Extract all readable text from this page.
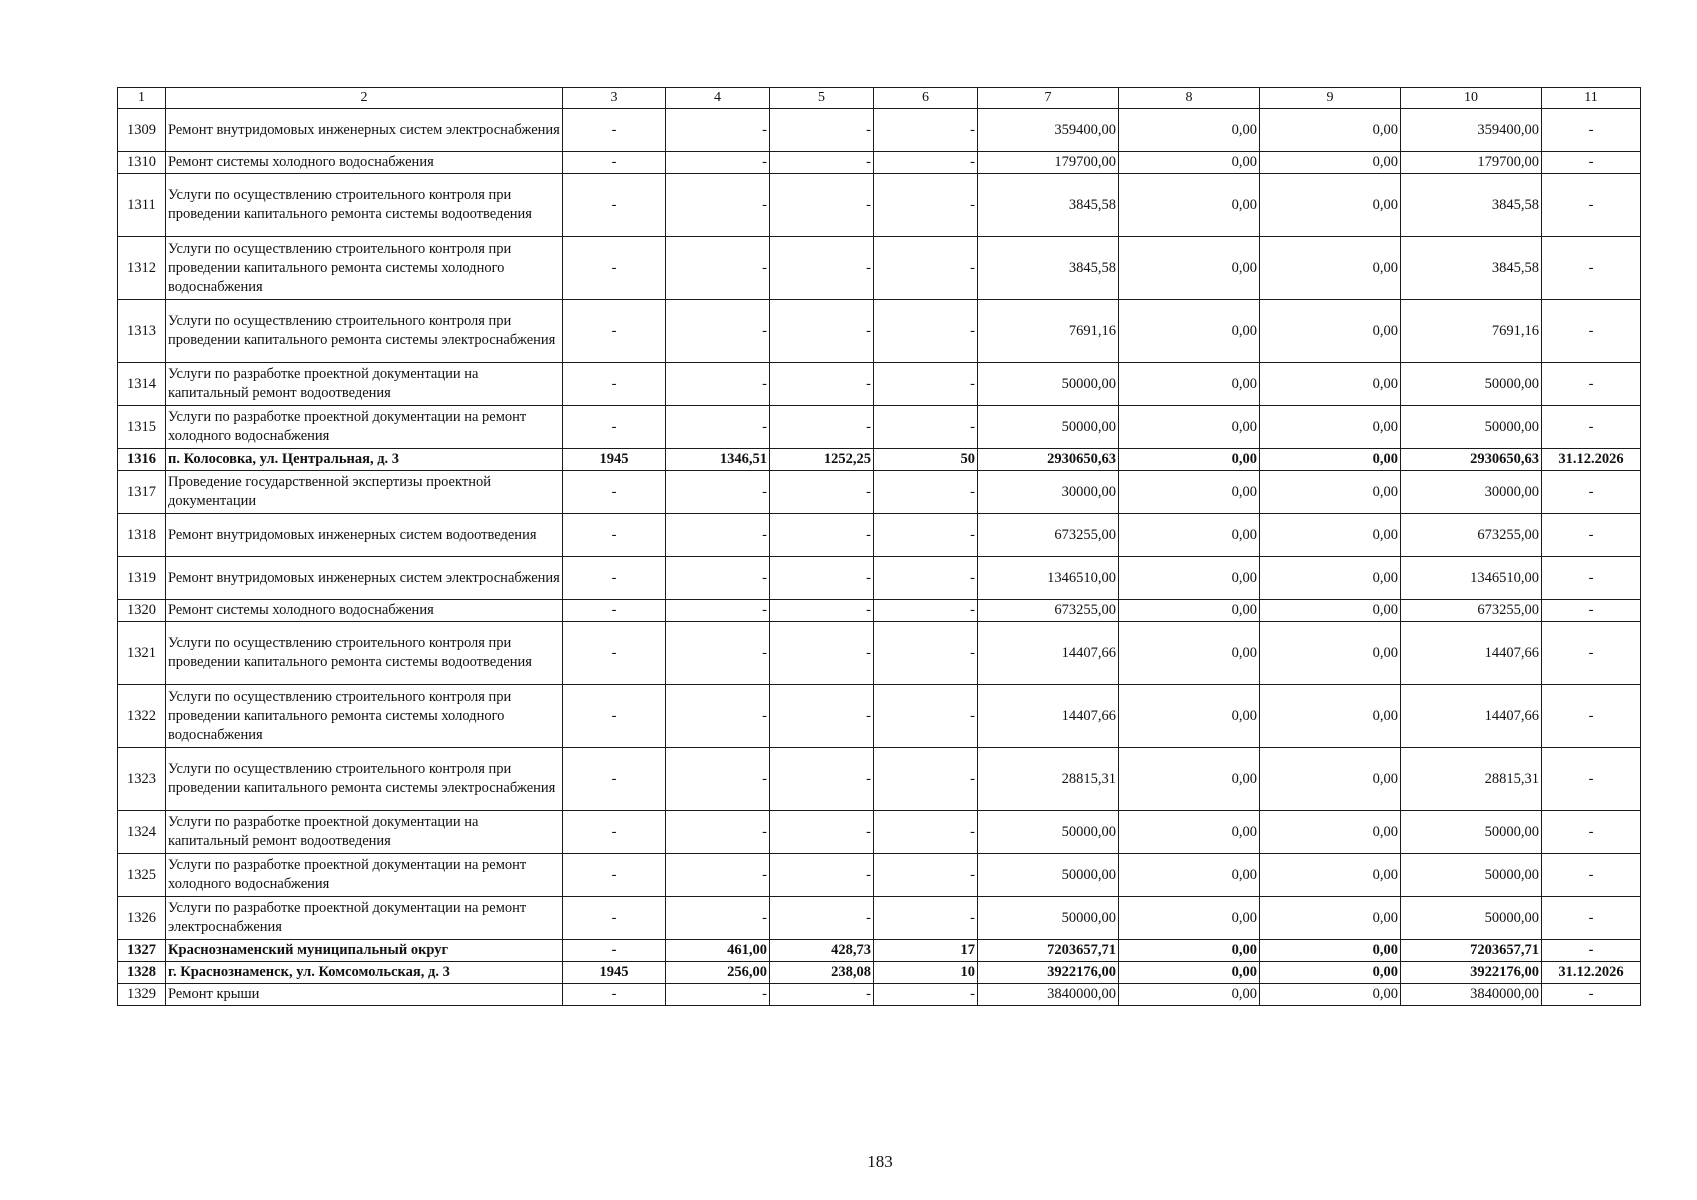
1	2	3	4	5	6	7	8	9	10	11
1309	Ремонт внутридомовых инженерных систем электроснабжения	-	-	-	-	359400,00	0,00	0,00	359400,00	-
1310	Ремонт системы холодного водоснабжения	-	-	-	-	179700,00	0,00	0,00	179700,00	-
1311	Услуги по осуществлению строительного контроля при проведении капитального ремонта системы водоотведения	-	-	-	-	3845,58	0,00	0,00	3845,58	-
1312	Услуги по осуществлению строительного контроля при проведении капитального ремонта системы холодного водоснабжения	-	-	-	-	3845,58	0,00	0,00	3845,58	-
1313	Услуги по осуществлению строительного контроля при проведении капитального ремонта системы электроснабжения	-	-	-	-	7691,16	0,00	0,00	7691,16	-
1314	Услуги по разработке проектной документации на капитальный ремонт водоотведения	-	-	-	-	50000,00	0,00	0,00	50000,00	-
1315	Услуги по разработке проектной документации на ремонт холодного водоснабжения	-	-	-	-	50000,00	0,00	0,00	50000,00	-
1316	п. Колосовка, ул. Центральная, д. 3	1945	1346,51	1252,25	50	2930650,63	0,00	0,00	2930650,63	31.12.2026
1317	Проведение государственной экспертизы проектной документации	-	-	-	-	30000,00	0,00	0,00	30000,00	-
1318	Ремонт внутридомовых инженерных систем водоотведения	-	-	-	-	673255,00	0,00	0,00	673255,00	-
1319	Ремонт внутридомовых инженерных систем электроснабжения	-	-	-	-	1346510,00	0,00	0,00	1346510,00	-
1320	Ремонт системы холодного водоснабжения	-	-	-	-	673255,00	0,00	0,00	673255,00	-
1321	Услуги по осуществлению строительного контроля при проведении капитального ремонта системы водоотведения	-	-	-	-	14407,66	0,00	0,00	14407,66	-
1322	Услуги по осуществлению строительного контроля при проведении капитального ремонта системы холодного водоснабжения	-	-	-	-	14407,66	0,00	0,00	14407,66	-
1323	Услуги по осуществлению строительного контроля при проведении капитального ремонта системы электроснабжения	-	-	-	-	28815,31	0,00	0,00	28815,31	-
1324	Услуги по разработке проектной документации на капитальный ремонт водоотведения	-	-	-	-	50000,00	0,00	0,00	50000,00	-
1325	Услуги по разработке проектной документации на ремонт холодного водоснабжения	-	-	-	-	50000,00	0,00	0,00	50000,00	-
1326	Услуги по разработке проектной документации на ремонт электроснабжения	-	-	-	-	50000,00	0,00	0,00	50000,00	-
1327	Краснознаменский муниципальный округ	-	461,00	428,73	17	7203657,71	0,00	0,00	7203657,71	-
1328	г. Краснознаменск, ул. Комсомольская, д. 3	1945	256,00	238,08	10	3922176,00	0,00	0,00	3922176,00	31.12.2026
1329	Ремонт крыши	-	-	-	-	3840000,00	0,00	0,00	3840000,00	-
183
